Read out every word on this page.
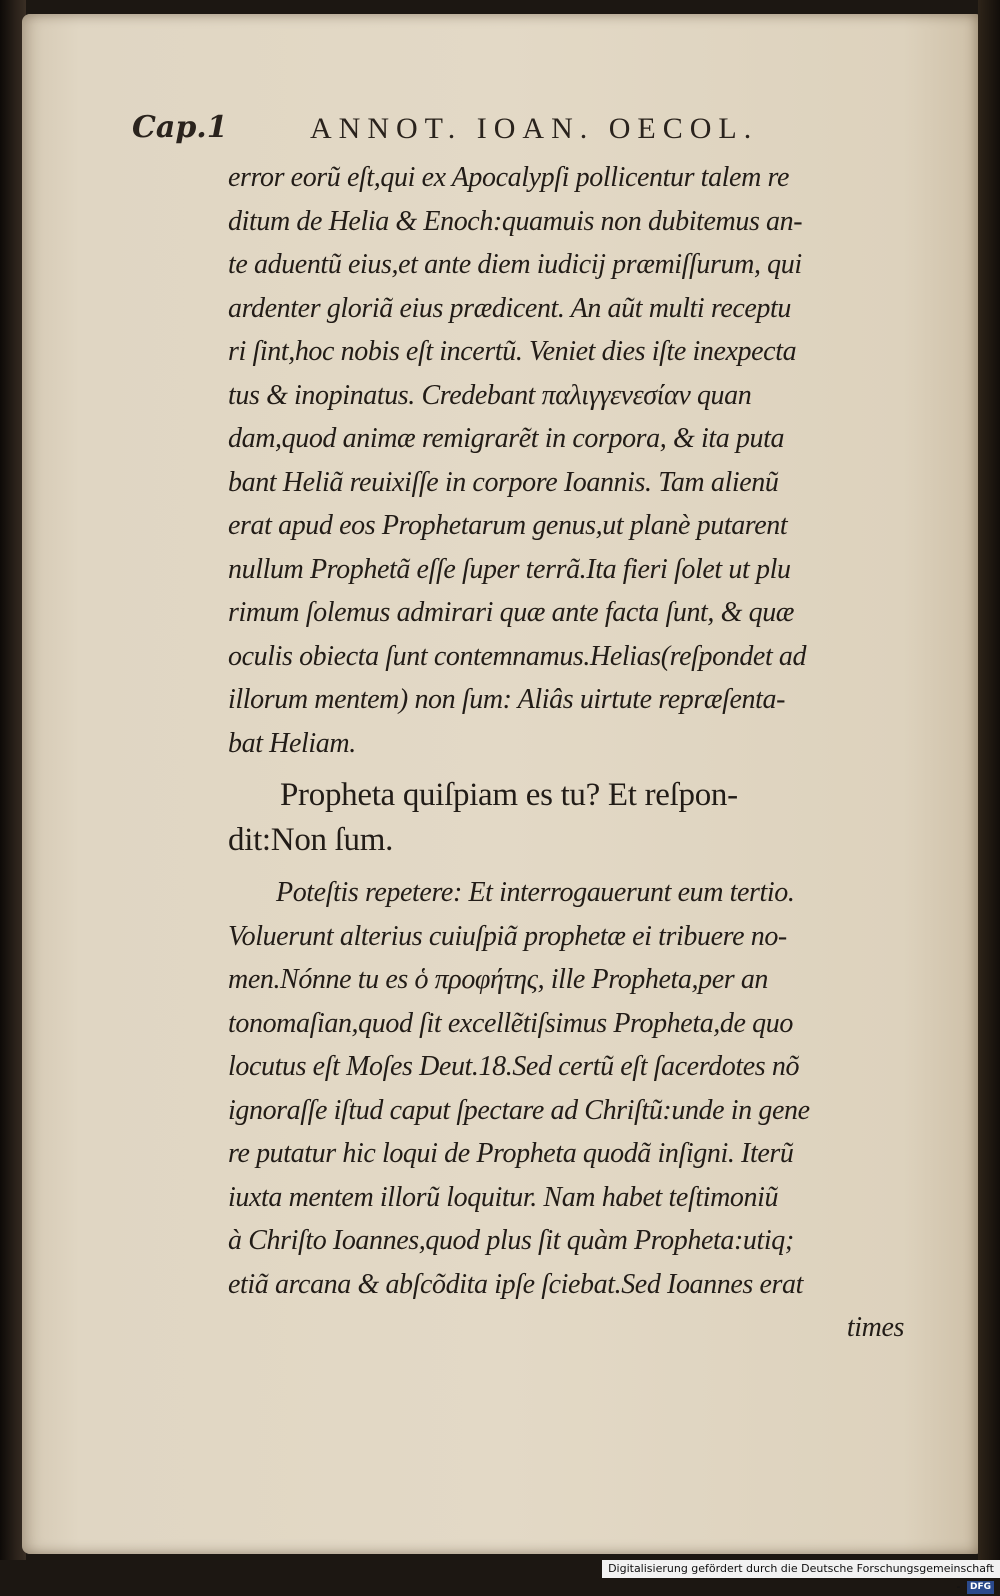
Cap.1	ANNOT. IOAN. OECOL.
error eorũ eſt,qui ex Apocalypſi pollicentur talem re
ditum de Helia & Enoch:quamuis non dubitemus an-
te aduentũ eius,et ante diem iudicij præmiſſurum, qui
ardenter gloriã eius prædicent. An aũt multi receptu
ri ſint,hoc nobis eſt incertũ. Veniet dies iſte inexpecta
tus & inopinatus. Credebant παλιγγενεσίαν quan
dam,quod animæ remigrarẽt in corpora, & ita puta
bant Heliã reuixiſſe in corpore Ioannis. Tam alienũ
erat apud eos Prophetarum genus,ut planè putarent
nullum Prophetã eſſe ſuper terrã.Ita fieri ſolet ut plu
rimum ſolemus admirari quæ ante facta ſunt, & quæ
oculis obiecta ſunt contemnamus.Helias(reſpondet ad
illorum mentem) non ſum: Aliâs uirtute repræſenta-
bat Heliam.
Propheta quiſpiam es tu? Et reſpon-
dit:Non ſum.
Poteſtis repetere: Et interrogauerunt eum tertio.
Voluerunt alterius cuiuſpiã prophetæ ei tribuere no-
men.Nónne tu es ὁ προφήτης, ille Propheta,per an
tonomaſian,quod ſit excellẽtiſsimus Propheta,de quo
locutus eſt Moſes Deut.18.Sed certũ eſt ſacerdotes nõ
ignoraſſe iſtud caput ſpectare ad Chriſtũ:unde in gene
re putatur hic loqui de Propheta quodã inſigni. Iterũ
iuxta mentem illorũ loquitur. Nam habet teſtimoniũ
à Chriſto Ioannes,quod plus ſit quàm Propheta:utiq;
etiã arcana & abſcõdita ipſe ſciebat.Sed Ioannes erat
times
Digitalisierung gefördert durch die Deutsche Forschungsgemeinschaft - DFG
